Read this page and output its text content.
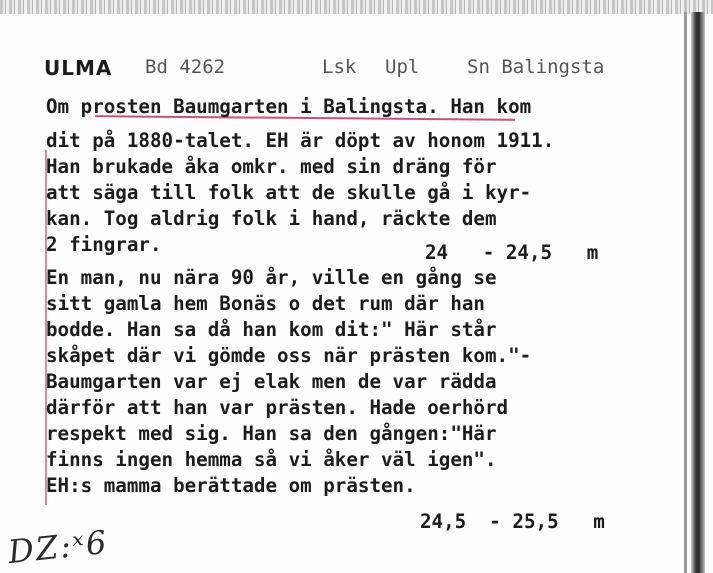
ULMA Bd 4262	Lsk Upl	Sn Balingsta
Om prosten Baumgarten i Balingsta. Han kom
dit på 1880-talet. EH är döpt av honom 1911.
Han brukade åka omkr. med sin dräng för
att säga till folk att de skulle gå i kyr-
kan. Tog aldrig folk i hand, räckte dem
2 fingrar.	24   - 24,5   m
En man, nu nära 90 år, ville en gång se
sitt gamla hem Bonäs o det rum där han
bodde. Han sa då han kom dit:" Här står
skåpet där vi gömde oss när prästen kom."-
Baumgarten var ej elak men de var rädda
därför att han var prästen. Hade oerhörd
respekt med sig. Han sa den gången:"Här
finns ingen hemma så vi åker väl igen".
EH:s mamma berättade om prästen.
24,5  - 25,5   m
DZ:ˣ6
